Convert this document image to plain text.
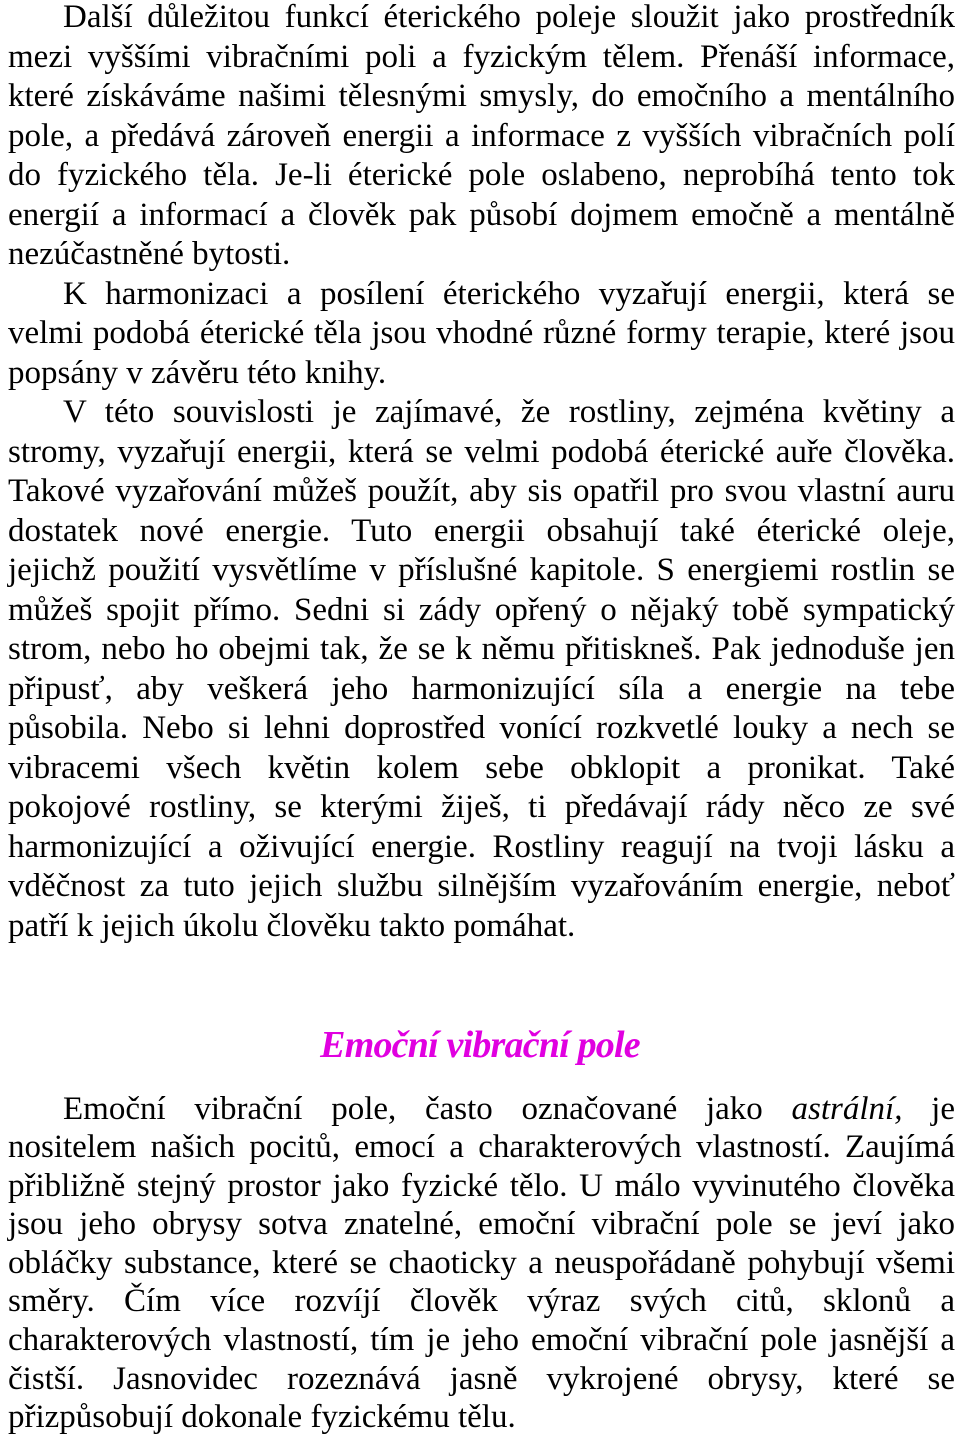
Další důležitou funkcí éterického poleje sloužit jako prostředník
mezi vyššími vibračními poli a fyzickým tělem. Přenáší informace,
které získáváme našimi tělesnými smysly, do emočního a mentálního
pole, a předává zároveň energii a informace z vyšších vibračních polí
do fyzického těla. Je-li éterické pole oslabeno, neprobíhá tento tok
energií a informací a člověk pak působí dojmem emočně a mentálně
nezúčastněné bytosti.
K harmonizaci a posílení éterického vyzařují energii, která se
velmi podobá éterické těla jsou vhodné různé formy terapie, které jsou
popsány v závěru této knihy.
V této souvislosti je zajímavé, že rostliny, zejména květiny a
stromy, vyzařují energii, která se velmi podobá éterické auře člověka.
Takové vyzařování můžeš použít, aby sis opatřil pro svou vlastní auru
dostatek nové energie. Tuto energii obsahují také éterické oleje,
jejichž použití vysvětlíme v příslušné kapitole. S energiemi rostlin se
můžeš spojit přímo. Sedni si zády opřený o nějaký tobě sympatický
strom, nebo ho obejmi tak, že se k němu přitiskneš. Pak jednoduše jen
připusť, aby veškerá jeho harmonizující síla a energie na tebe
působila. Nebo si lehni doprostřed vonící rozkvetlé louky a nech se
vibracemi všech květin kolem sebe obklopit a pronikat. Také
pokojové rostliny, se kterými žiješ, ti předávají rády něco ze své
harmonizující a oživující energie. Rostliny reagují na tvoji lásku a
vděčnost za tuto jejich službu silnějším vyzařováním energie, neboť
patří k jejich úkolu člověku takto pomáhat.
Emoční vibrační pole
Emoční vibrační pole, často označované jako astrální, je
nositelem našich pocitů, emocí a charakterových vlastností. Zaujímá
přibližně stejný prostor jako fyzické tělo. U málo vyvinutého člověka
jsou jeho obrysy sotva znatelné, emoční vibrační pole se jeví jako
obláčky substance, které se chaoticky a neuspořádaně pohybují všemi
směry. Čím více rozvíjí člověk výraz svých citů, sklonů a
charakterových vlastností, tím je jeho emoční vibrační pole jasnější a
čistší. Jasnovidec rozeznává jasně vykrojené obrysy, které se
přizpůsobují dokonale fyzickému tělu.
